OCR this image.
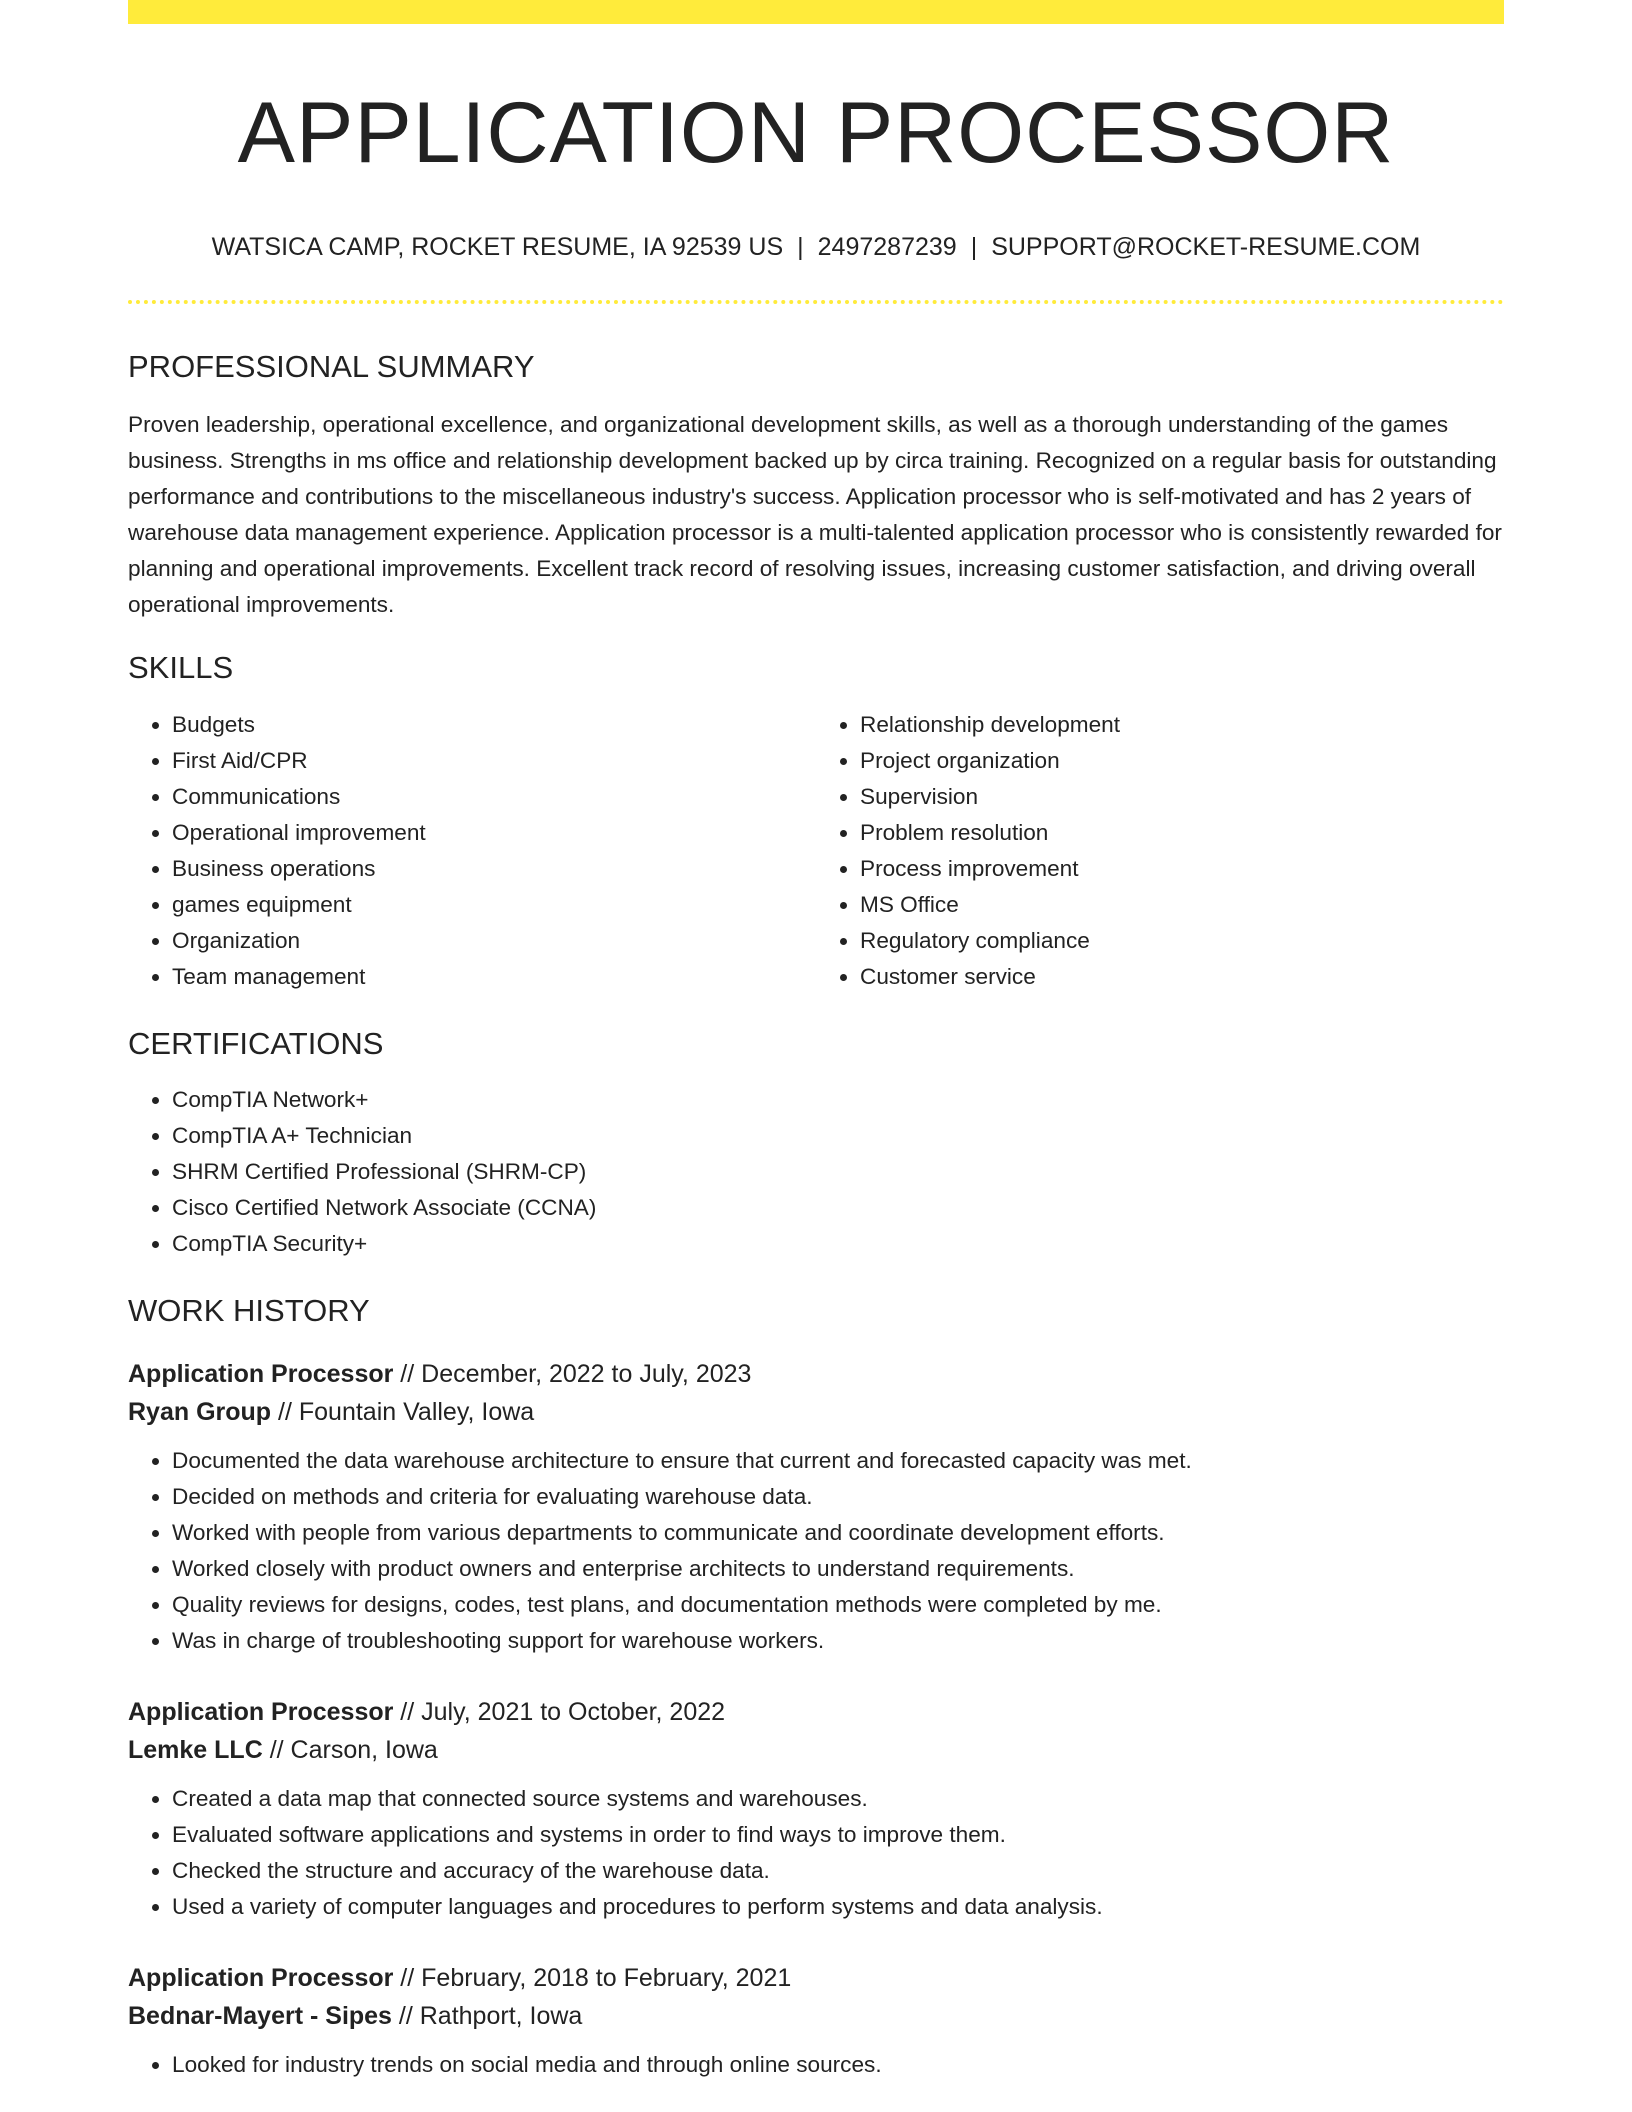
APPLICATION PROCESSOR
WATSICA CAMP, ROCKET RESUME, IA 92539 US | 2497287239 | SUPPORT@ROCKET-RESUME.COM
PROFESSIONAL SUMMARY

Proven leadership, operational excellence, and organizational development skills, as well as a thorough understanding of the games business. Strengths in ms office and relationship development backed up by circa training. Recognized on a regular basis for outstanding performance and contributions to the miscellaneous industry's success. Application processor who is self-motivated and has 2 years of warehouse data management experience. Application processor is a multi-talented application processor who is consistently rewarded for planning and operational improvements. Excellent track record of resolving issues, increasing customer satisfaction, and driving overall operational improvements.

SKILLS
• Budgets
• First Aid/CPR
• Communications
• Operational improvement
• Business operations
• games equipment
• Organization
• Team management
• Relationship development
• Project organization
• Supervision
• Problem resolution
• Process improvement
• MS Office
• Regulatory compliance
• Customer service
CERTIFICATIONS
• CompTIA Network+
• CompTIA A+ Technician
• SHRM Certified Professional (SHRM-CP)
• Cisco Certified Network Associate (CCNA)
• CompTIA Security+
WORK HISTORY
Application Processor // December, 2022 to July, 2023
Ryan Group // Fountain Valley, Iowa
• Documented the data warehouse architecture to ensure that current and forecasted capacity was met.
• Decided on methods and criteria for evaluating warehouse data.
• Worked with people from various departments to communicate and coordinate development efforts.
• Worked closely with product owners and enterprise architects to understand requirements.
• Quality reviews for designs, codes, test plans, and documentation methods were completed by me.
• Was in charge of troubleshooting support for warehouse workers.
Application Processor // July, 2021 to October, 2022
Lemke LLC // Carson, Iowa
• Created a data map that connected source systems and warehouses.
• Evaluated software applications and systems in order to find ways to improve them.
• Checked the structure and accuracy of the warehouse data.
• Used a variety of computer languages and procedures to perform systems and data analysis.
Application Processor // February, 2018 to February, 2021
Bednar-Mayert - Sipes // Rathport, Iowa
• Looked for industry trends on social media and through online sources.
